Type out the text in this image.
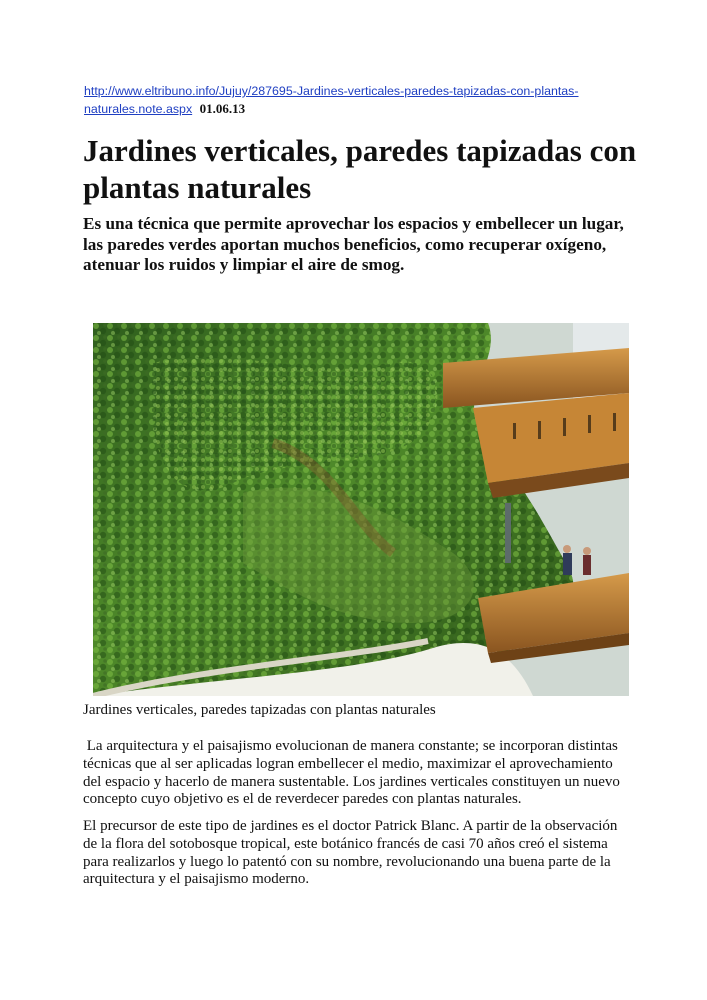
http://www.eltribuno.info/Jujuy/287695-Jardines-verticales-paredes-tapizadas-con-plantas-naturales.note.aspx 01.06.13
Jardines verticales, paredes tapizadas con plantas naturales

Es una técnica que permite aprovechar los espacios y embellecer un lugar, las paredes verdes aportan muchos beneficios, como recuperar oxígeno, atenuar los ruidos y limpiar el aire de smog.

Jardines verticales, paredes tapizadas con plantas naturales

La arquitectura y el paisajismo evolucionan de manera constante; se incorporan distintas técnicas que al ser aplicadas logran embellecer el medio, maximizar el aprovechamiento del espacio y hacerlo de manera sustentable. Los jardines verticales constituyen un nuevo concepto cuyo objetivo es el de reverdecer paredes con plantas naturales.

El precursor de este tipo de jardines es el doctor Patrick Blanc. A partir de la observación de la flora del sotobosque tropical, este botánico francés de casi 70 años creó el sistema para realizarlos y luego lo patentó con su nombre, revolucionando una buena parte de la arquitectura y el paisajismo moderno.
